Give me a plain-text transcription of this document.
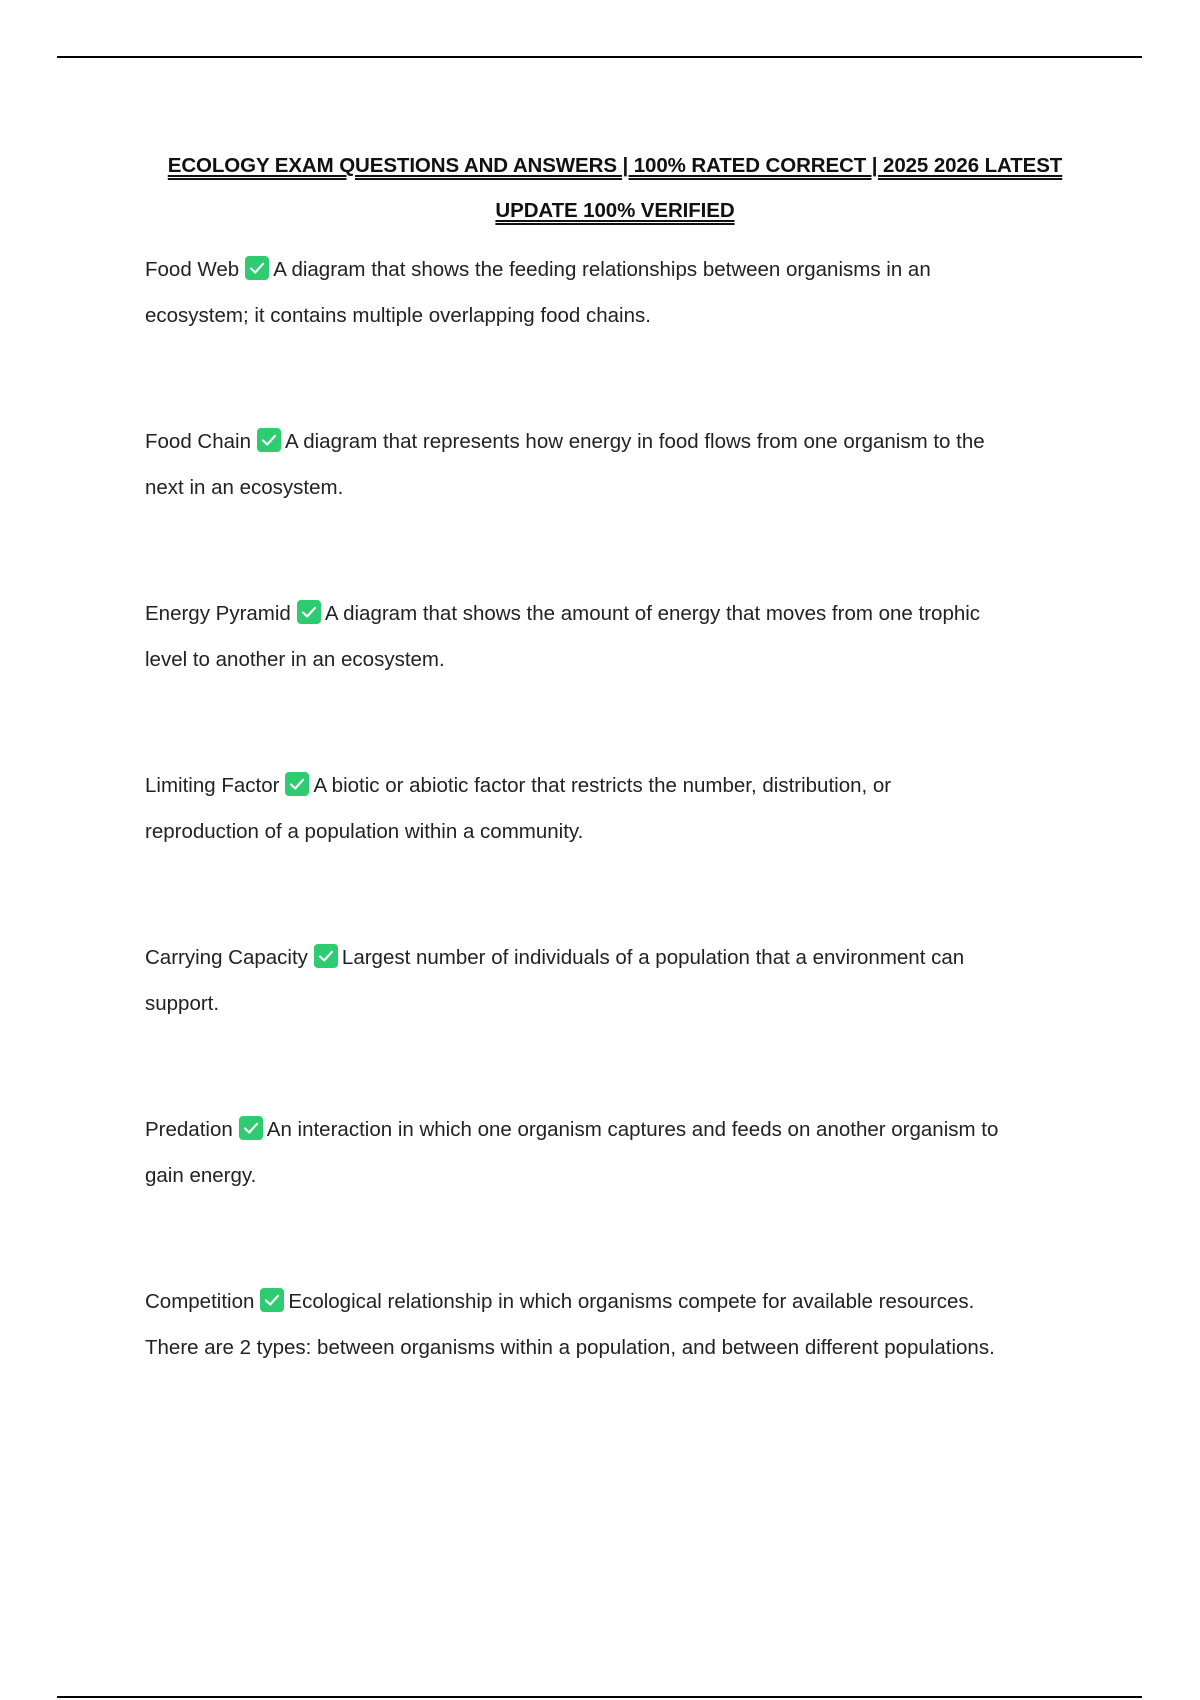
ECOLOGY EXAM QUESTIONS AND ANSWERS | 100% RATED CORRECT | 2025 2026 LATEST
UPDATE 100% VERIFIED
Food Web A diagram that shows the feeding relationships between organisms in an
ecosystem; it contains multiple overlapping food chains.
Food Chain A diagram that represents how energy in food flows from one organism to the
next in an ecosystem.
Energy Pyramid A diagram that shows the amount of energy that moves from one trophic
level to another in an ecosystem.
Limiting Factor A biotic or abiotic factor that restricts the number, distribution, or
reproduction of a population within a community.
Carrying Capacity Largest number of individuals of a population that a environment can
support.
Predation An interaction in which one organism captures and feeds on another organism to
gain energy.
Competition Ecological relationship in which organisms compete for available resources.
There are 2 types: between organisms within a population, and between different populations.
